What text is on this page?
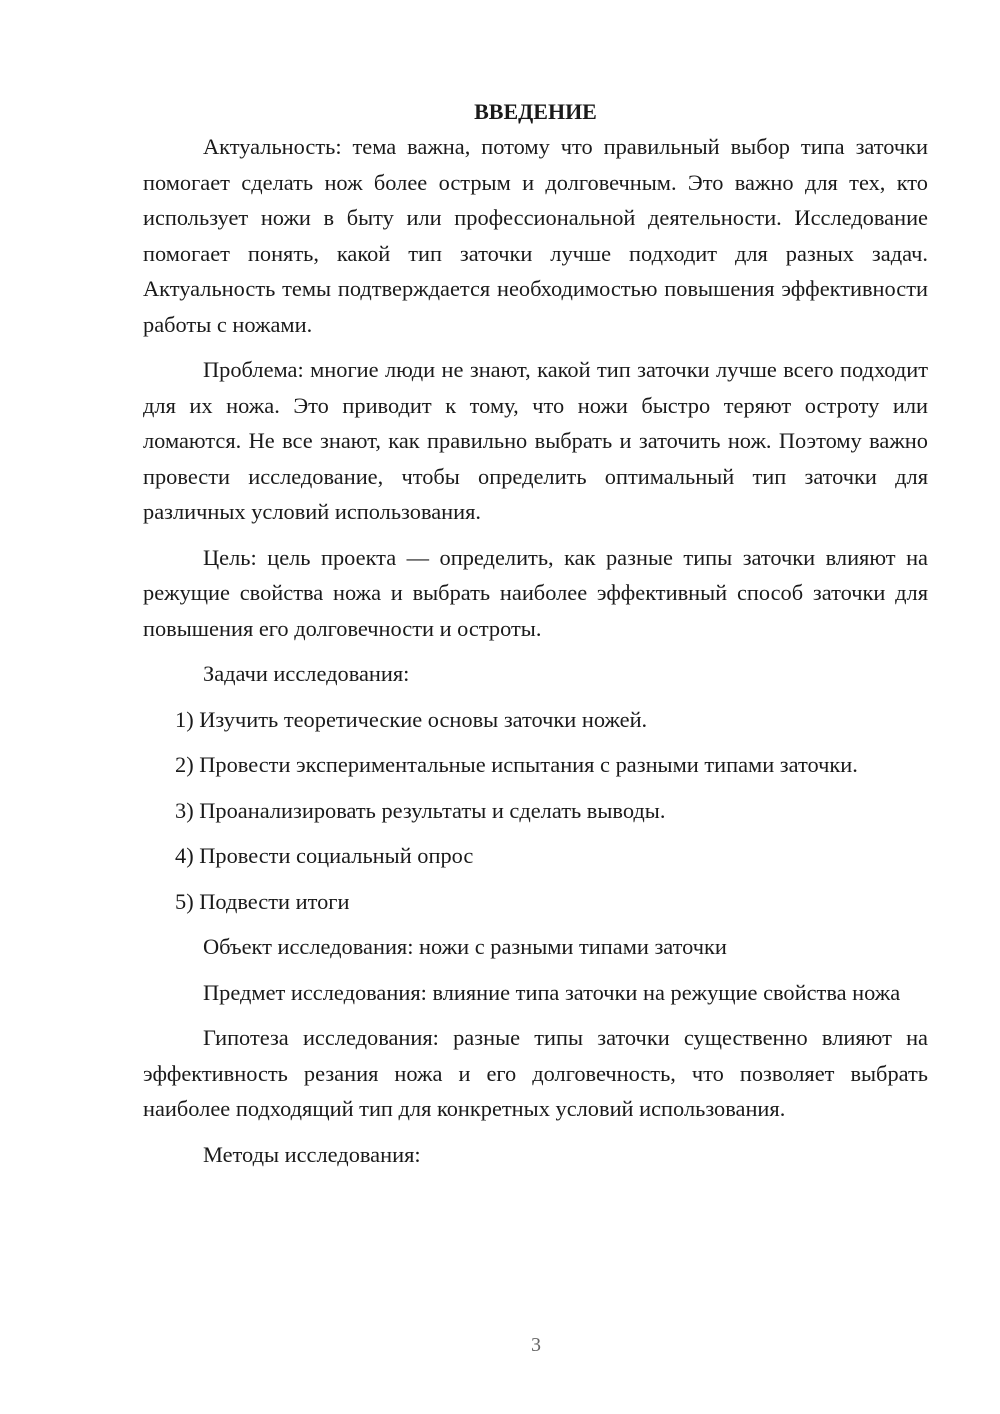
ВВЕДЕНИЕ

Актуальность: тема важна, потому что правильный выбор типа заточки помогает сделать нож более острым и долговечным. Это важно для тех, кто использует ножи в быту или профессиональной деятельности. Исследование помогает понять, какой тип заточки лучше подходит для разных задач. Актуальность темы подтверждается необходимостью повышения эффективности работы с ножами.

Проблема: многие люди не знают, какой тип заточки лучше всего подходит для их ножа. Это приводит к тому, что ножи быстро теряют остроту или ломаются. Не все знают, как правильно выбрать и заточить нож. Поэтому важно провести исследование, чтобы определить оптимальный тип заточки для различных условий использования.

Цель: цель проекта — определить, как разные типы заточки влияют на режущие свойства ножа и выбрать наиболее эффективный способ заточки для повышения его долговечности и остроты.

Задачи исследования:

1) Изучить теоретические основы заточки ножей.

2) Провести экспериментальные испытания с разными типами заточки.

3) Проанализировать результаты и сделать выводы.

4) Провести социальный опрос

5) Подвести итоги

Объект исследования: ножи с разными типами заточки

Предмет исследования: влияние типа заточки на режущие свойства ножа

Гипотеза исследования: разные типы заточки существенно влияют на эффективность резания ножа и его долговечность, что позволяет выбрать наиболее подходящий тип для конкретных условий использования.

Методы исследования:

3
